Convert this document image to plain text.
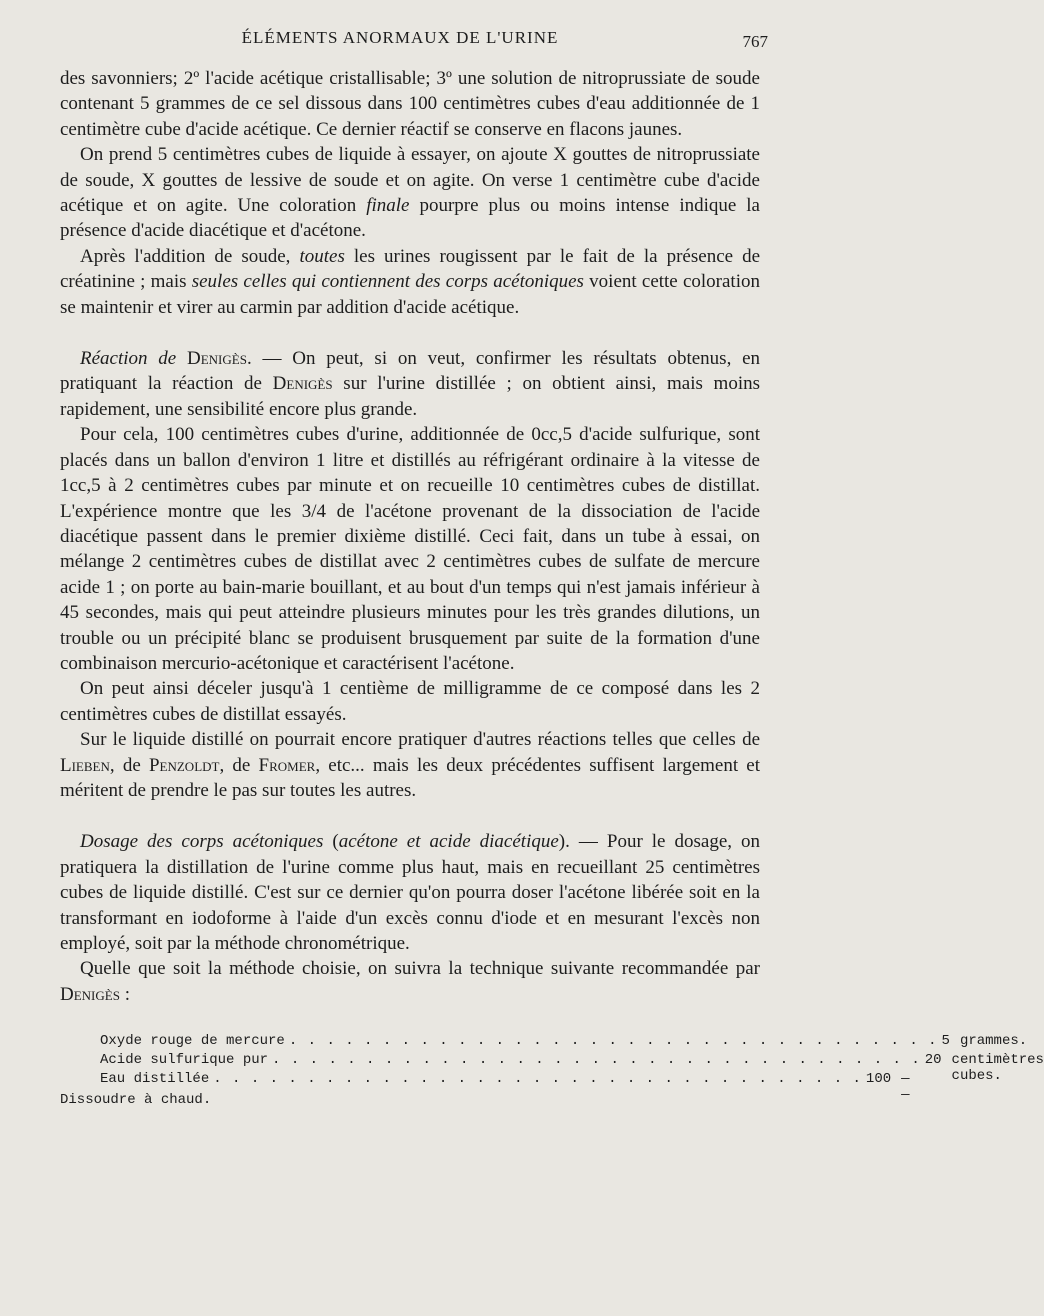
ÉLÉMENTS ANORMAUX DE L'URINE	767

des savonniers; 2º l'acide acétique cristallisable; 3º une solution de nitroprussiate de soude contenant 5 grammes de ce sel dissous dans 100 centimètres cubes d'eau additionnée de 1 centimètre cube d'acide acétique. Ce dernier réactif se conserve en flacons jaunes.

On prend 5 centimètres cubes de liquide à essayer, on ajoute X gouttes de nitroprussiate de soude, X gouttes de lessive de soude et on agite. On verse 1 centimètre cube d'acide acétique et on agite. Une coloration finale pourpre plus ou moins intense indique la présence d'acide diacétique et d'acétone.

Après l'addition de soude, toutes les urines rougissent par le fait de la présence de créatinine ; mais seules celles qui contiennent des corps acétoniques voient cette coloration se maintenir et virer au carmin par addition d'acide acétique.

Réaction de Denigès. — On peut, si on veut, confirmer les résultats obtenus, en pratiquant la réaction de Denigès sur l'urine distillée ; on obtient ainsi, mais moins rapidement, une sensibilité encore plus grande.

Pour cela, 100 centimètres cubes d'urine, additionnée de 0cc,5 d'acide sulfurique, sont placés dans un ballon d'environ 1 litre et distillés au réfrigérant ordinaire à la vitesse de 1cc,5 à 2 centimètres cubes par minute et on recueille 10 centimètres cubes de distillat. L'expérience montre que les 3/4 de l'acétone provenant de la dissociation de l'acide diacétique passent dans le premier dixième distillé. Ceci fait, dans un tube à essai, on mélange 2 centimètres cubes de distillat avec 2 centimètres cubes de sulfate de mercure acide 1 ; on porte au bain-marie bouillant, et au bout d'un temps qui n'est jamais inférieur à 45 secondes, mais qui peut atteindre plusieurs minutes pour les très grandes dilutions, un trouble ou un précipité blanc se produisent brusquement par suite de la formation d'une combinaison mercurio-acétonique et caractérisent l'acétone.

On peut ainsi déceler jusqu'à 1 centième de milligramme de ce composé dans les 2 centimètres cubes de distillat essayés.

Sur le liquide distillé on pourrait encore pratiquer d'autres réactions telles que celles de Lieben, de Penzoldt, de Fromer, etc... mais les deux précédentes suffisent largement et méritent de prendre le pas sur toutes les autres.

Dosage des corps acétoniques (acétone et acide diacétique). — Pour le dosage, on pratiquera la distillation de l'urine comme plus haut, mais en recueillant 25 centimètres cubes de liquide distillé. C'est sur ce dernier qu'on pourra doser l'acétone libérée soit en la transformant en iodoforme à l'aide d'un excès connu d'iode et en mesurant l'excès non employé, soit par la méthode chronométrique.

Quelle que soit la méthode choisie, on suivra la technique suivante recommandée par Denigès :

Oxyde rouge de mercure . . . . . . . . . . . . . . . . . . . . . . . . . . . . . . . . . . . 5 grammes.
Acide sulfurique pur . . . . . . . . . . . . . . . . . . . . . . . . . . . . . . . . . . . 20 centimètres cubes.
Eau distillée . . . . . . . . . . . . . . . . . . . . . . . . . . . . . . . . . . . 100 — —
Dissoudre à chaud.
